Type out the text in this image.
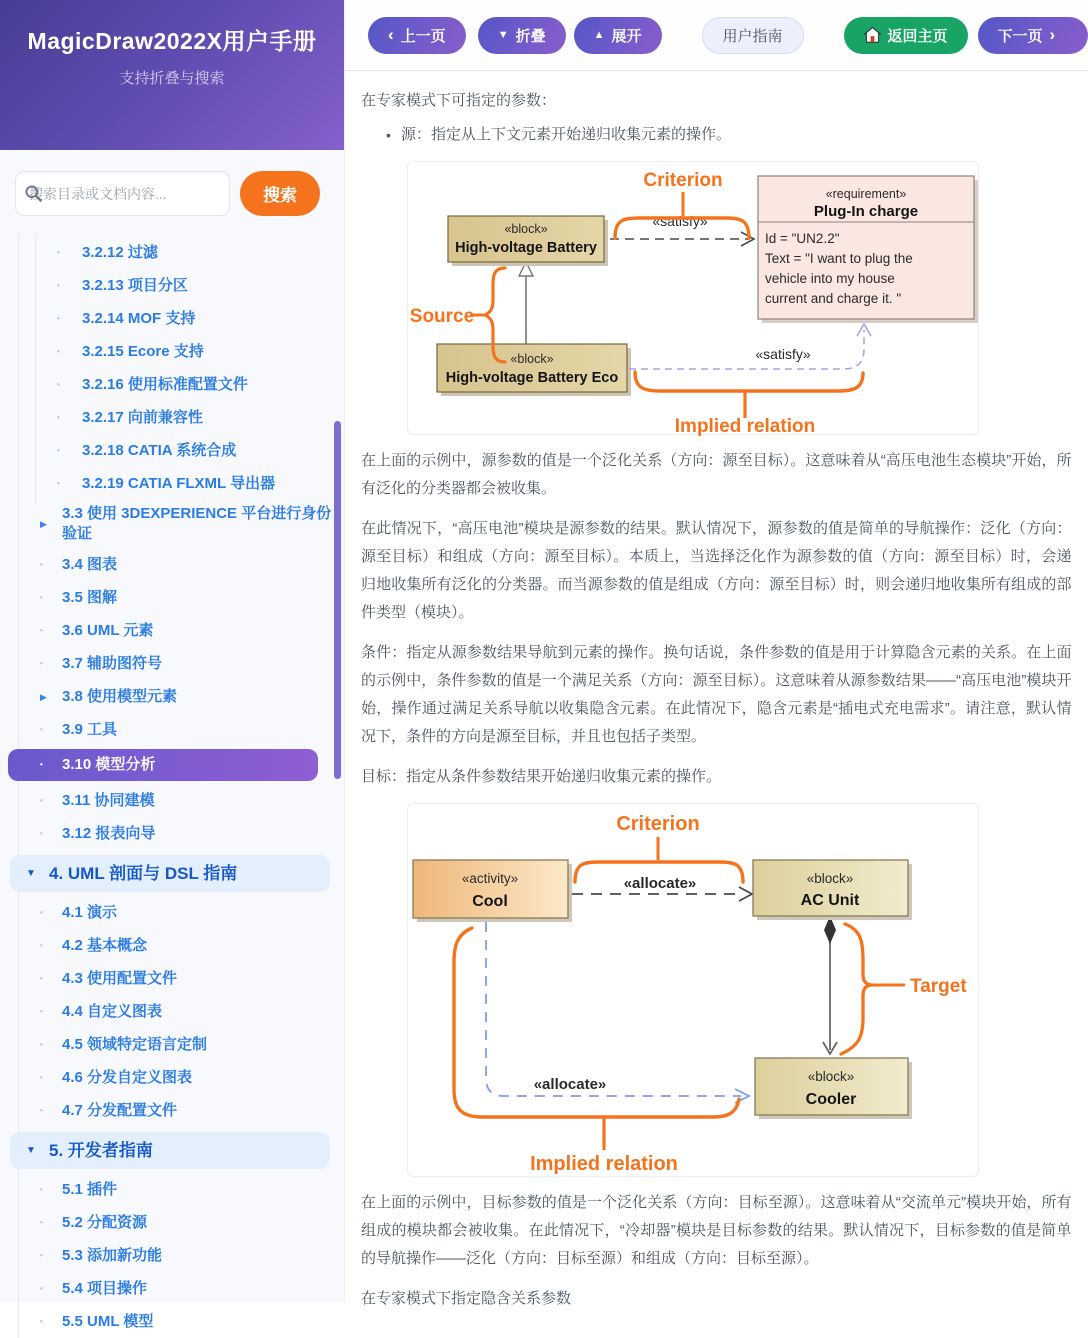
MagicDraw2022X用户手册
支持折叠与搜索
搜索目录或文档内容...
搜索
•	3.2.12 过滤
•	3.2.13 项目分区
•	3.2.14 MOF 支持
•	3.2.15 Ecore 支持
•	3.2.16 使用标准配置文件
•	3.2.17 向前兼容性
•	3.2.18 CATIA 系统合成
•	3.2.19 CATIA FLXML 导出器
▶
3.3 使用 3DEXPERIENCE 平台进行身份验证
•	3.4 图表
•	3.5 图解
•	3.6 UML 元素
•	3.7 辅助图符号
▶	3.8 使用模型元素
•	3.9 工具
•	3.10 模型分析
•	3.11 协同建模
•	3.12 报表向导
▼ 4. UML 剖面与 DSL 指南
•	4.1 演示
•	4.2 基本概念
•	4.3 使用配置文件
•	4.4 自定义图表
•	4.5 领域特定语言定制
•	4.6 分发自定义图表
•	4.7 分发配置文件
▼ 5. 开发者指南
•	5.1 插件
•	5.2 分配资源
•	5.3 添加新功能
•	5.4 项目操作
•	5.5 UML 模型
‹ 上一页	▼ 折叠	▲ 展开	用户指南	返回主页	下一页 ›

在专家模式下可指定的参数：

• 源：指定从上下文元素开始递归收集元素的操作。
«satisfy»
«block»
High-voltage Battery
«requirement»
Plug-In charge
Id = "UN2.2"
Text = "I want to plug the
vehicle into my house
current and charge it. "
«block»
High-voltage Battery Eco
«satisfy»
Criterion
Source
Implied relation

在上面的示例中，源参数的值是一个泛化关系（方向：源至目标）。这意味着从“高压电池生态模块”开始，所有泛化的分类器都会被收集。

在此情况下，“高压电池”模块是源参数的结果。默认情况下，源参数的值是简单的导航操作：泛化（方向：源至目标）和组成（方向：源至目标）。本质上，当选择泛化作为源参数的值（方向：源至目标）时，会递归地收集所有泛化的分类器。而当源参数的值是组成（方向：源至目标）时，则会递归地收集所有组成的部件类型（模块）。

条件：指定从源参数结果导航到元素的操作。换句话说，条件参数的值是用于计算隐含元素的关系。在上面的示例中，条件参数的值是一个满足关系（方向：源至目标）。这意味着从源参数结果——“高压电池”模块开始，操作通过满足关系导航以收集隐含元素。在此情况下，隐含元素是“插电式充电需求”。请注意，默认情况下，条件的方向是源至目标，并且也包括子类型。

目标：指定从条件参数结果开始递归收集元素的操作。

«allocate»
«allocate»
«activity»
Cool
«block»
AC Unit
«block»
Cooler
Criterion
Target
Implied relation

在上面的示例中，目标参数的值是一个泛化关系（方向：目标至源）。这意味着从“交流单元”模块开始，所有组成的模块都会被收集。在此情况下，“冷却器”模块是目标参数的结果。默认情况下，目标参数的值是简单的导航操作——泛化（方向：目标至源）和组成（方向：目标至源）。

在专家模式下指定隐含关系参数
